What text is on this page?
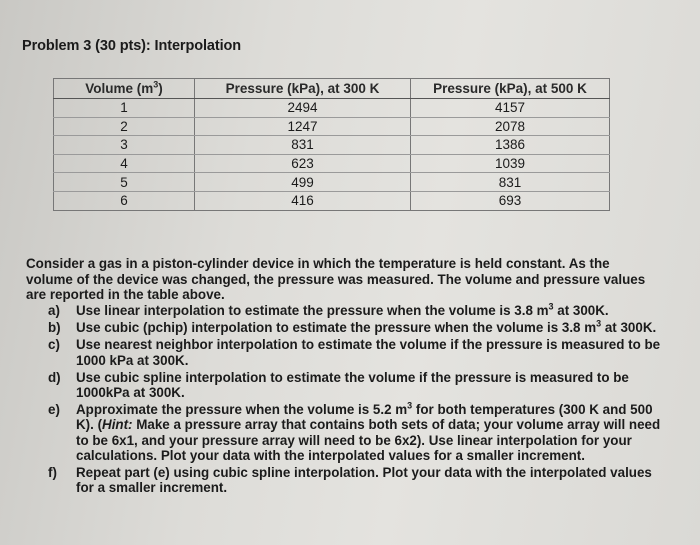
Problem 3 (30 pts): Interpolation
Volume $(m^3)$	Pressure (kPa), at 300 K	Pressure (kPa), at 500 K
1	2494	4157
2	1247	2078
3	831	1386
4	623	1039
5	499	831
6	416	693
Consider a gas in a piston-cylinder device in which the temperature is held constant. As the volume of the device was changed, the pressure was measured. The volume and pressure values are reported in the table above.
a)	Use linear interpolation to estimate the pressure when the volume is 3.8 $m^3$ at 300K.
b)	Use cubic (pchip) interpolation to estimate the pressure when the volume is 3.8 $m^3$ at 300K.
c)	Use nearest neighbor interpolation to estimate the volume if the pressure is measured to be 1000 kPa at 300K.
d)	Use cubic spline interpolation to estimate the volume if the pressure is measured to be 1000kPa at 300K.
e)	Approximate the pressure when the volume is 5.2 $m^3$ for both temperatures (300 K and 500 K). (Hint: Make a pressure array that contains both sets of data; your volume array will need to be 6x1, and your pressure array will need to be 6x2). Use linear interpolation for your calculations. Plot your data with the interpolated values for a smaller increment.
f)	Repeat part (e) using cubic spline interpolation. Plot your data with the interpolated values for a smaller increment.
